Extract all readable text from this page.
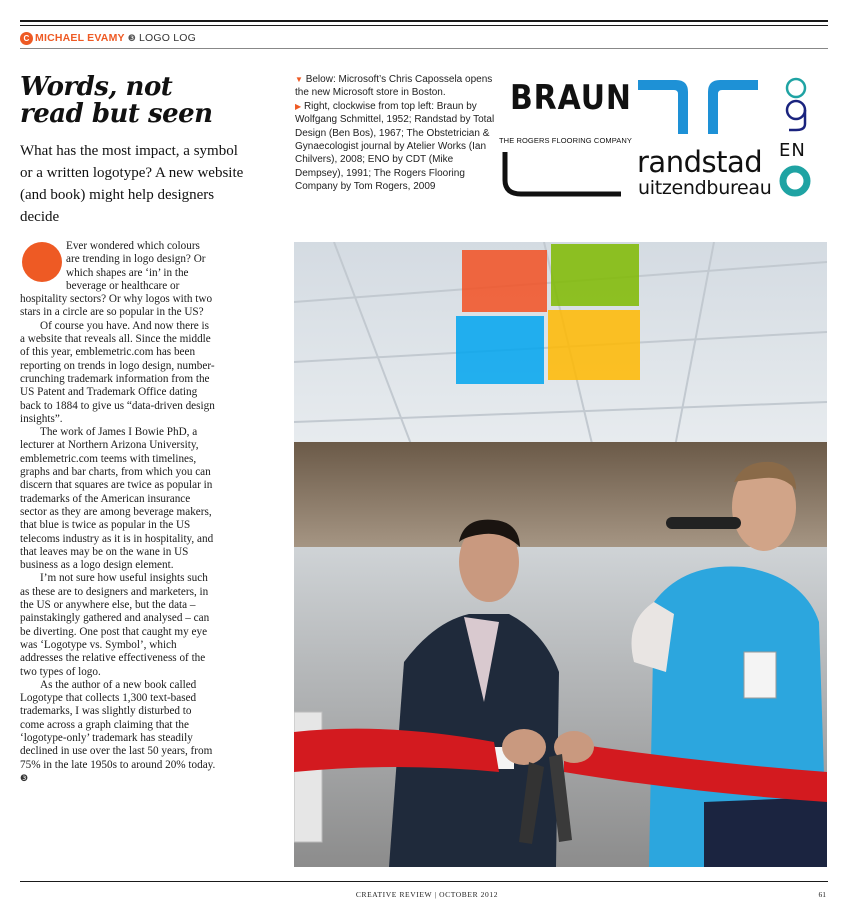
C MICHAEL EVAMY ❸ LOGO LOG
Words, not
read but seen

What has the most impact, a symbol or a written logotype? A new website (and book) might help designers decide

Ever wondered which colours are trending in logo design? Or which shapes are ‘in’ in the beverage or healthcare or hospitality sectors? Or why logos with two stars in a circle are so popular in the US?

Of course you have. And now there is a website that reveals all. Since the middle of this year, emblemetric.com has been reporting on trends in logo design, number-crunching trademark information from the US Patent and Trademark Office dating back to 1884 to give us “data-driven design insights”.

The work of James I Bowie PhD, a lecturer at Northern Arizona University, emblemetric.com teems with timelines, graphs and bar charts, from which you can discern that squares are twice as popular in trademarks of the American insurance sector as they are among beverage makers, that blue is twice as popular in the US telecoms industry as it is in hospitality, and that leaves may be on the wane in US business as a logo design element.

I’m not sure how useful insights such as these are to designers and marketers, in the US or anywhere else, but the data – painstakingly gathered and analysed – can be diverting. One post that caught my eye was ‘Logotype vs. Symbol’, which addresses the relative effectiveness of the two types of logo.

As the author of a new book called Logotype that collects 1,300 text-based trademarks, I was slightly disturbed to come across a graph claiming that the ‘logotype-only’ trademark has steadily declined in use over the last 50 years, from 75% in the late 1950s to around 20% today. ❸

▼ Below: Microsoft’s Chris Capossela opens the new Microsoft store in Boston.
▶ Right, clockwise from top left: Braun by Wolfgang Schmittel, 1952; Randstad by Total Design (Ben Bos), 1967; The Obstetrician & Gynaecologist journal by Atelier Works (Ian Chilvers), 2008; ENO by CDT (Mike Dempsey), 1991; The Rogers Flooring Company by Tom Rogers, 2009
BRAUN
THE ROGERS FLOORING COMPANY
randstad
uitzendbureau
EN
CREATIVE REVIEW | OCTOBER 2012	61
